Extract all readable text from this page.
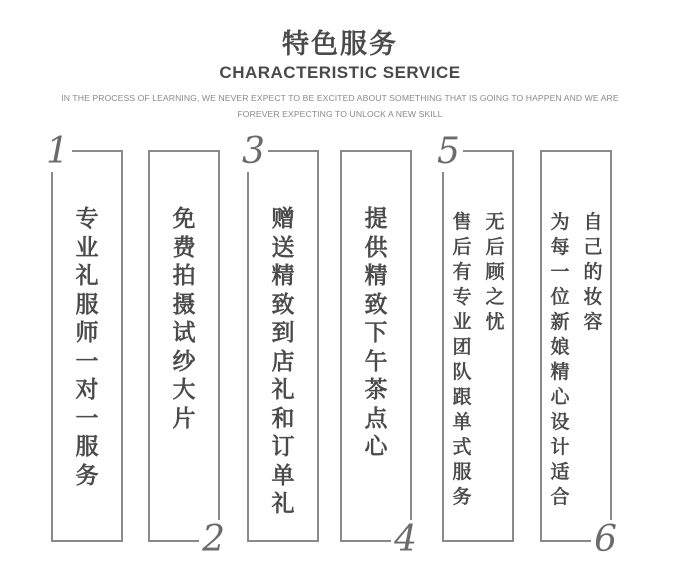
特色服务
CHARACTERISTIC SERVICE
IN THE PROCESS OF LEARNING, WE NEVER EXPECT TO BE EXCITED ABOUT SOMETHING THAT IS GOING TO HAPPEN AND WE ARE
FOREVER EXPECTING TO UNLOCK A NEW SKILL
1
专业礼服师一对一服务
免费拍摄试纱大片
2
3
赠送精致到店礼和订单礼
提供精致下午茶点心
4
5
无后顾之忧
售后有专业团队跟单式服务
自己的妆容
为每一位新娘精心设计适合
6
